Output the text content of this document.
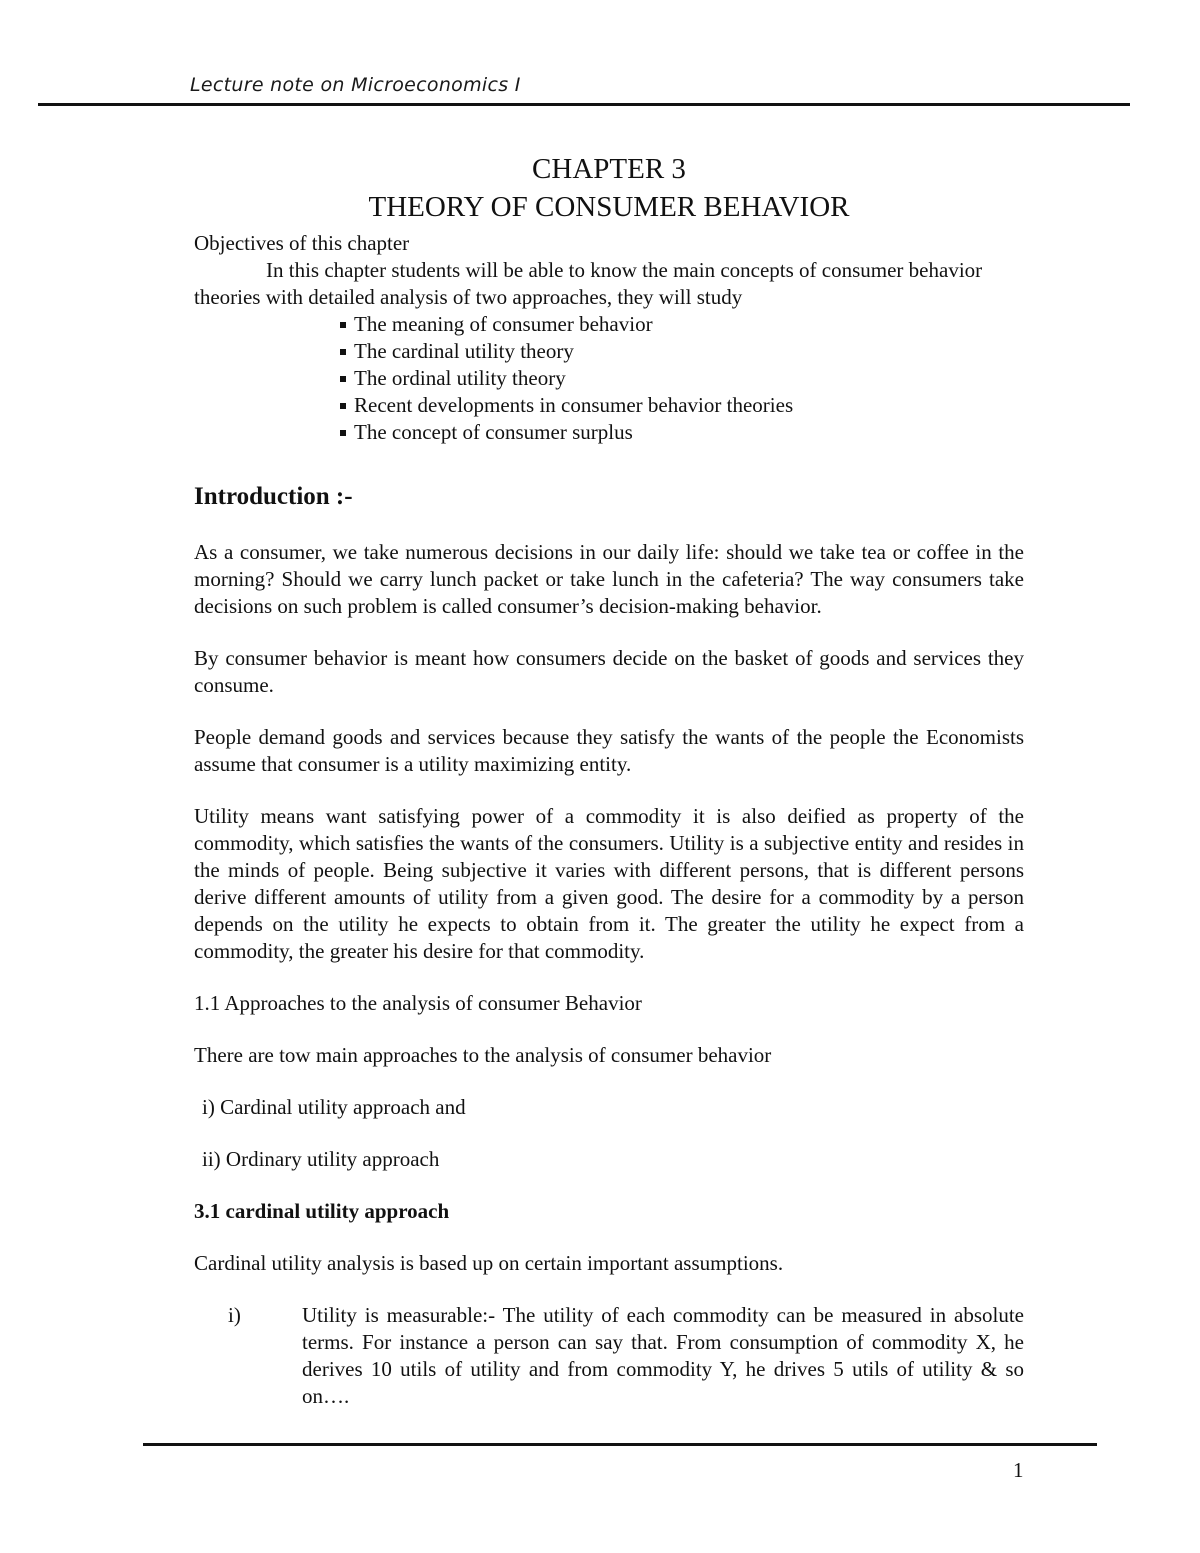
Lecture note on Microeconomics I

CHAPTER 3

THEORY OF CONSUMER BEHAVIOR

Objectives of this chapter

In this chapter students will be able to know the main concepts of consumer behavior theories with detailed analysis of two approaches, they will study

The meaning of consumer behavior
The cardinal utility theory
The ordinal utility theory
Recent developments in consumer behavior theories
The concept of consumer surplus
Introduction :-

As a consumer, we take numerous decisions in our daily life: should we take tea or coffee in the morning? Should we carry lunch packet or take lunch in the cafeteria? The way consumers take decisions on such problem is called consumer’s decision-making behavior.

By consumer behavior is meant how consumers decide on the basket of goods and services they consume.

People demand goods and services because they satisfy the wants of the people the Economists assume that consumer is a utility maximizing entity.

Utility means want satisfying power of a commodity it is also deified as property of the commodity, which satisfies the wants of the consumers. Utility is a subjective entity and resides in the minds of people. Being subjective it varies with different persons, that is different persons derive different amounts of utility from a given good. The desire for a commodity by a person depends on the utility he expects to obtain from it. The greater the utility he expect from a commodity, the greater his desire for that commodity.

1.1 Approaches to the analysis of consumer Behavior

There are tow main approaches to the analysis of consumer behavior

i) Cardinal utility approach and

ii) Ordinary utility approach

3.1 cardinal utility approach

Cardinal utility analysis is based up on certain important assumptions.

i)	Utility is measurable:- The utility of each commodity can be measured in absolute terms. For instance a person can say that. From consumption of commodity X, he derives 10 utils of utility and from commodity Y, he drives 5 utils of utility & so on….
1
